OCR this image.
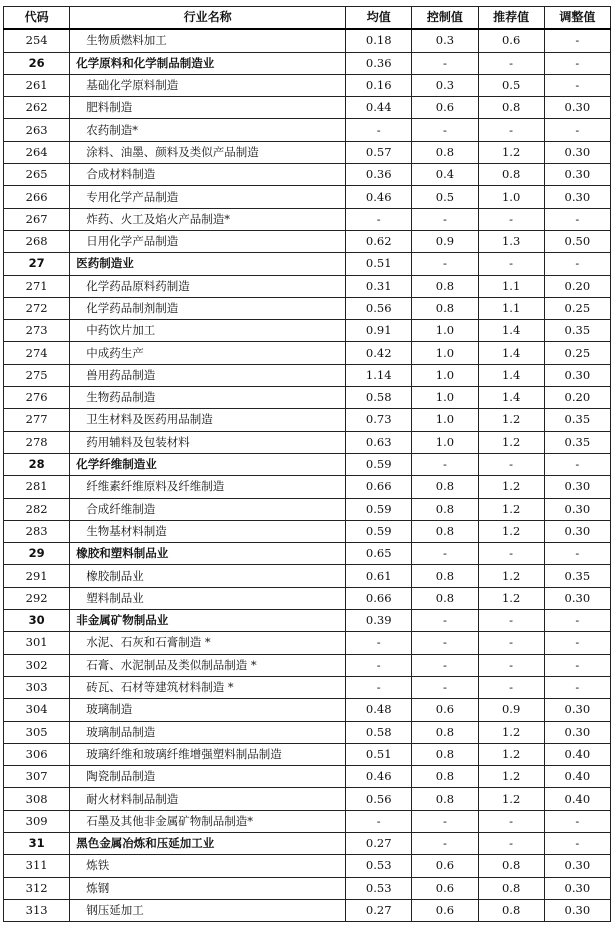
代码	行业名称	均值	控制值	推荐值	调整值
254	生物质燃料加工	0.18	0.3	0.6	-
26	化学原料和化学制品制造业	0.36	-	-	-
261	基础化学原料制造	0.16	0.3	0.5	-
262	肥料制造	0.44	0.6	0.8	0.30
263	农药制造*	-	-	-	-
264	涂料、油墨、颜料及类似产品制造	0.57	0.8	1.2	0.30
265	合成材料制造	0.36	0.4	0.8	0.30
266	专用化学产品制造	0.46	0.5	1.0	0.30
267	炸药、火工及焰火产品制造*	-	-	-	-
268	日用化学产品制造	0.62	0.9	1.3	0.50
27	医药制造业	0.51	-	-	-
271	化学药品原料药制造	0.31	0.8	1.1	0.20
272	化学药品制剂制造	0.56	0.8	1.1	0.25
273	中药饮片加工	0.91	1.0	1.4	0.35
274	中成药生产	0.42	1.0	1.4	0.25
275	兽用药品制造	1.14	1.0	1.4	0.30
276	生物药品制造	0.58	1.0	1.4	0.20
277	卫生材料及医药用品制造	0.73	1.0	1.2	0.35
278	药用辅料及包装材料	0.63	1.0	1.2	0.35
28	化学纤维制造业	0.59	-	-	-
281	纤维素纤维原料及纤维制造	0.66	0.8	1.2	0.30
282	合成纤维制造	0.59	0.8	1.2	0.30
283	生物基材料制造	0.59	0.8	1.2	0.30
29	橡胶和塑料制品业	0.65	-	-	-
291	橡胶制品业	0.61	0.8	1.2	0.35
292	塑料制品业	0.66	0.8	1.2	0.30
30	非金属矿物制品业	0.39	-	-	-
301	水泥、石灰和石膏制造 *	-	-	-	-
302	石膏、水泥制品及类似制品制造 *	-	-	-	-
303	砖瓦、石材等建筑材料制造 *	-	-	-	-
304	玻璃制造	0.48	0.6	0.9	0.30
305	玻璃制品制造	0.58	0.8	1.2	0.30
306	玻璃纤维和玻璃纤维增强塑料制品制造	0.51	0.8	1.2	0.40
307	陶瓷制品制造	0.46	0.8	1.2	0.40
308	耐火材料制品制造	0.56	0.8	1.2	0.40
309	石墨及其他非金属矿物制品制造*	-	-	-	-
31	黑色金属冶炼和压延加工业	0.27	-	-	-
311	炼铁	0.53	0.6	0.8	0.30
312	炼钢	0.53	0.6	0.8	0.30
313	钢压延加工	0.27	0.6	0.8	0.30
